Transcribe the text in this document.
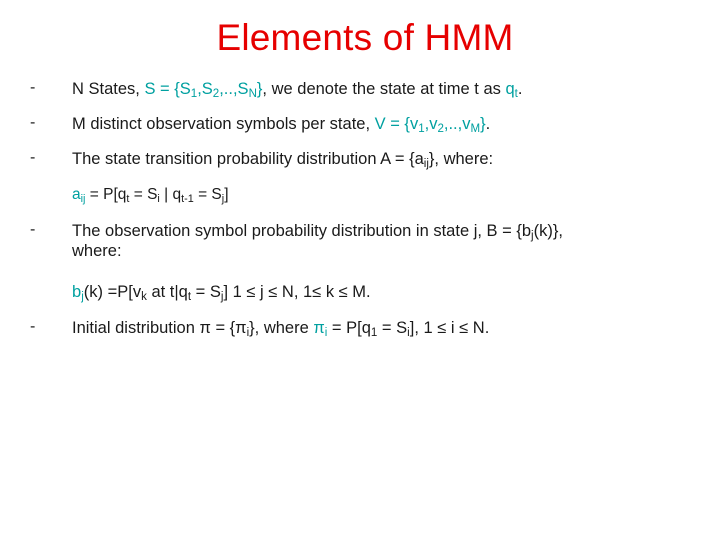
Elements of HMM
- N States, $S = \{S_1,S_2,..,S_N\}$, we denote the state at time t as $q_t$.
- M distinct observation symbols per state, $V = \{v_1,v_2,..,v_M\}$.
- The state transition probability distribution $A = \{a_{ij}\}$, where:
$a_{ij} = P[q_t = S_i$ | $q_{t-1} = S_j$]
- The observation symbol probability distribution in state j, $B = \{b_j(k)\}$,
where:
$b_j(k) =P[v_k$ at $t|q_t = S_j$] 1 ≤ j ≤ N, 1≤ k ≤ M.
- Initial distribution $\pi = \{\pi_i\}$, where $\pi_i = P[q_1 = S_i]$, 1 ≤ i ≤ N.
